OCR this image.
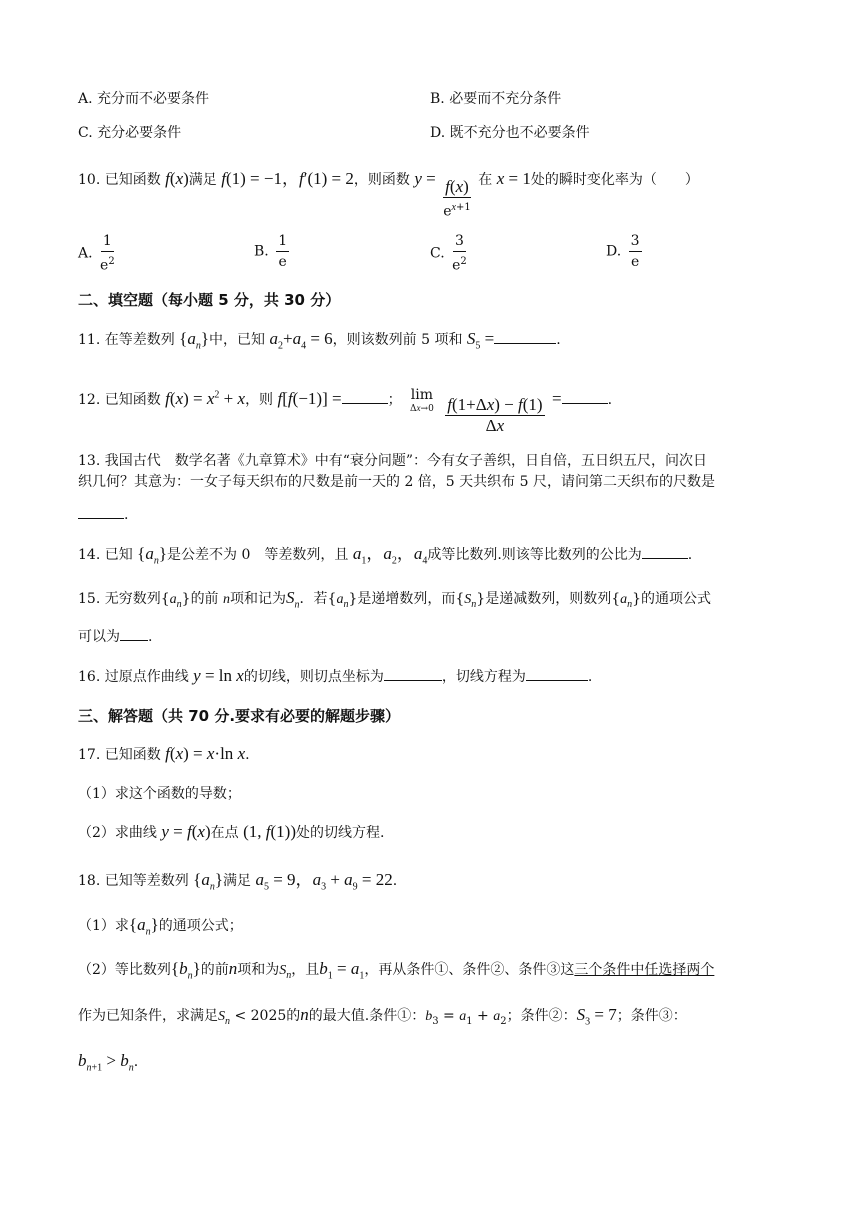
A. 充分而不必要条件	B. 必要而不充分条件
C. 充分必要条件	D. 既不充分也不必要条件
10. 已知函数 f(x)满足 f(1) = −1，f′(1) = 2，则函数 $y = \frac{f(x)}{e^{x+1}}$ 在 x = 1处的瞬时变化率为（　　）
A. $\frac{1}{e^2}$	B. $\frac{1}{e}$	C. $\frac{3}{e^2}$	D. $\frac{3}{e}$
二、填空题（每小题 5 分，共 30 分）
11. 在等差数列 $\{a_n\}$中，已知 $a_2+a_4 = 6$，则该数列前 5 项和 $S_5$ =	.
12. 已知函数 $f(x) = x^2 + x$，则 f[f(−1)] =	； lim
Δx→0
$\frac{f(1+\Delta x) - f(1)}{\Delta x}$ =	.
13. 我国古代　数学名著《九章算术》中有“衰分问题”：今有女子善织，日自倍，五日织五尺，问次日
织几何？其意为：一女子每天织布的尺数是前一天的 2 倍，5 天共织布 5 尺，请问第二天织布的尺数是
.
14. 已知 $\{a_n\}$是公差不为 0　等差数列，且 $a_1$，$a_2$，$a_4$成等比数列.则该等比数列的公比为	.
15. 无穷数列$\{a_n\}$的前 n项和记为$S_n$．若$\{a_n\}$是递增数列，而$\{S_n\}$是递减数列，则数列$\{a_n\}$的通项公式
可以为 .
16. 过原点作曲线 y = ln x的切线，则切点坐标为	，切线方程为	.
三、解答题（共 70 分.要求有必要的解题步骤）
17. 已知函数 f(x) = x·ln x.
（1）求这个函数的导数；
（2）求曲线 y = f(x)在点 (1, f(1))处的切线方程.
18. 已知等差数列 $\{a_n\}$满足 $a_5 = 9$，$a_3 + a_9 = 22$.
（1）求$\{a_n\}$的通项公式；
（2）等比数列$\{b_n\}$的前n项和为$S_n$，且$b_1 = a_1$，再从条件①、条件②、条件③这三个条件中任选择两个
作为已知条件，求满足$S_n < 2025$的n的最大值.条件①：$b_3 = a_1 + a_2$；条件②：$S_3 = 7$；条件③：
$b_{n+1} > b_n$.
